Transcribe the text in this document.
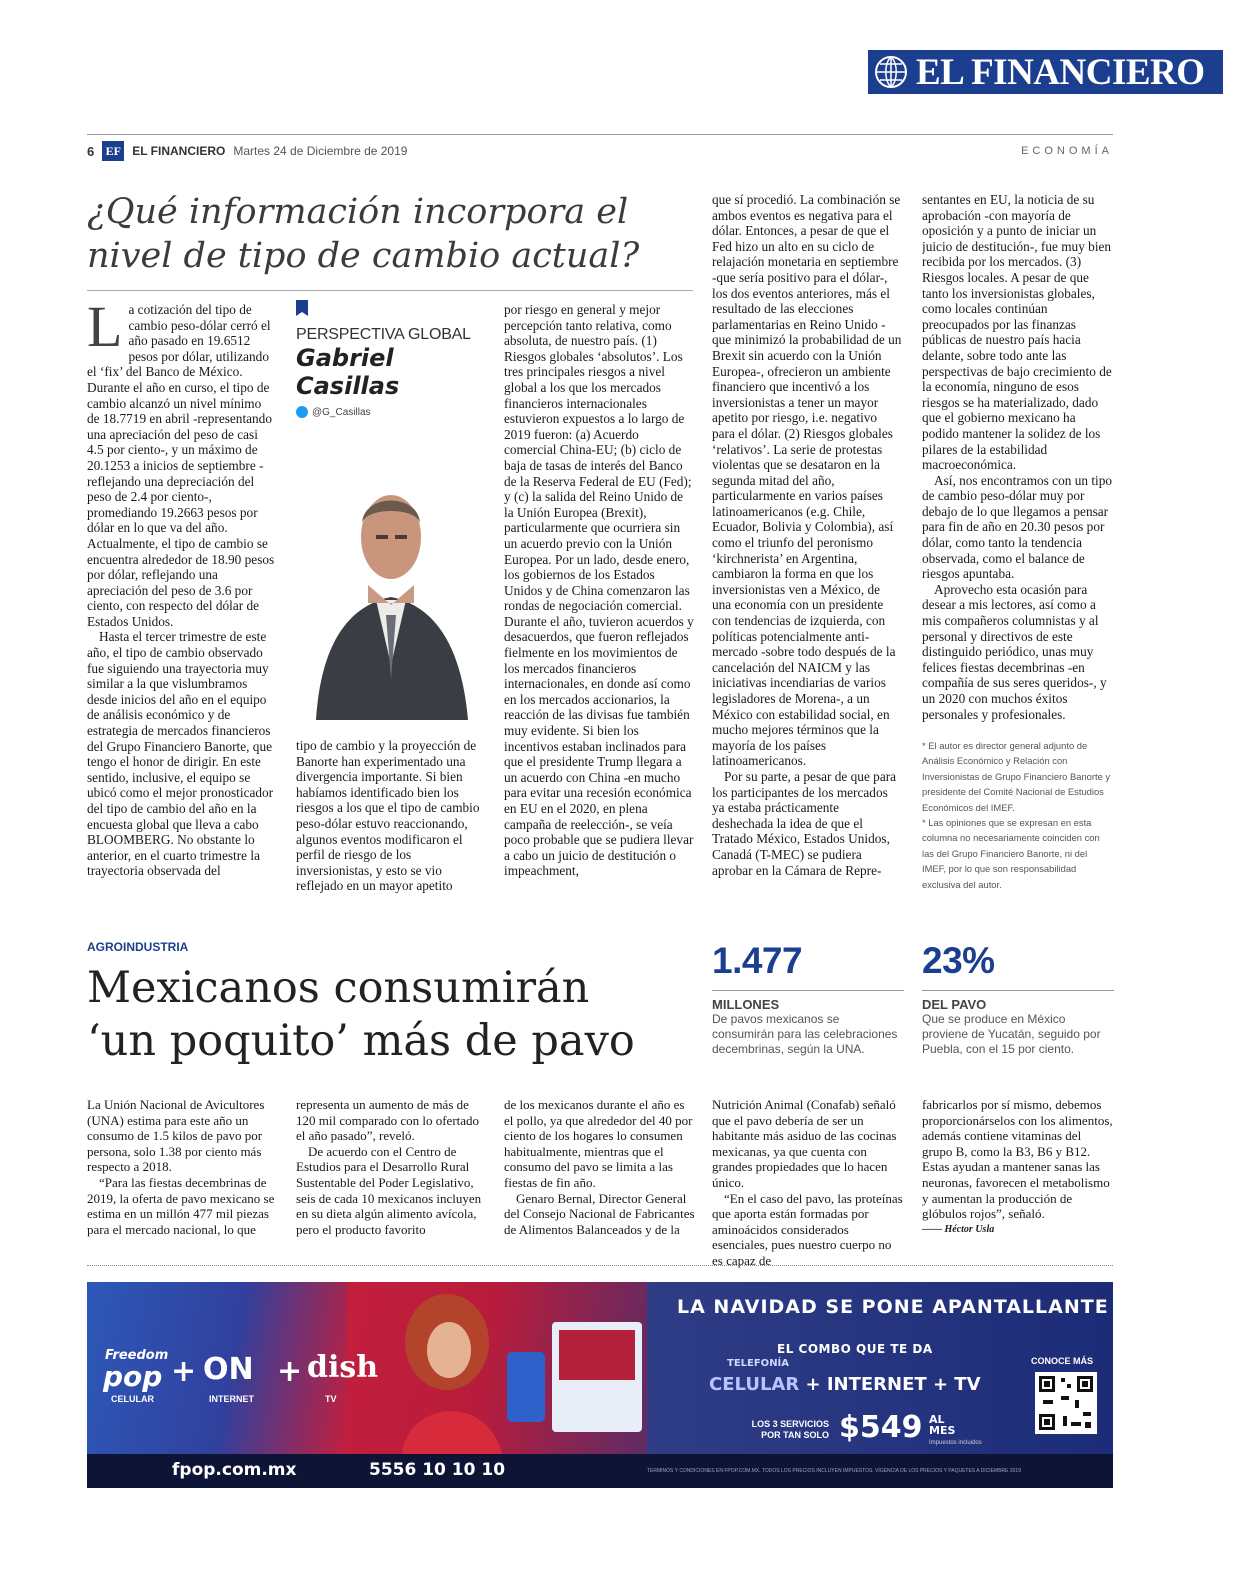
EL FINANCIERO
6 EF EL FINANCIERO Martes 24 de Diciembre de 2019	ECONOMÍA
¿Qué información incorpora el nivel de tipo de cambio actual?

La cotización del tipo de cambio peso-dólar cerró el año pasado en 19.6512 pesos por dólar, utilizando el ‘fix’ del Banco de México. Durante el año en curso, el tipo de cambio alcanzó un nivel mínimo de 18.7719 en abril -representando una apreciación del peso de casi 4.5 por ciento-, y un máximo de 20.1253 a inicios de septiembre -reflejando una depreciación del peso de 2.4 por ciento-, promediando 19.2663 pesos por dólar en lo que va del año. Actualmente, el tipo de cambio se encuentra alrededor de 18.90 pesos por dólar, reflejando una apreciación del peso de 3.6 por ciento, con respecto del dólar de Estados Unidos.

Hasta el tercer trimestre de este año, el tipo de cambio observado fue siguiendo una trayectoria muy similar a la que vislumbramos desde inicios del año en el equipo de análisis económico y de estrategia de mercados financieros del Grupo Financiero Banorte, que tengo el honor de dirigir. En este sentido, inclusive, el equipo se ubicó como el mejor pronosticador del tipo de cambio del año en la encuesta global que lleva a cabo BLOOMBERG. No obstante lo anterior, en el cuarto trimestre la trayectoria observada del

PERSPECTIVA GLOBAL
Gabriel
Casillas
@G_Casillas

tipo de cambio y la proyección de Banorte han experimentado una divergencia importante. Si bien habíamos identificado bien los riesgos a los que el tipo de cambio peso-dólar estuvo reaccionando, algunos eventos modificaron el perfil de riesgo de los inversionistas, y esto se vio reflejado en un mayor apetito

por riesgo en general y mejor percepción tanto relativa, como absoluta, de nuestro país. (1) Riesgos globales ‘absolutos’. Los tres principales riesgos a nivel global a los que los mercados financieros internacionales estuvieron expuestos a lo largo de 2019 fueron: (a) Acuerdo comercial China-EU; (b) ciclo de baja de tasas de interés del Banco de la Reserva Federal de EU (Fed); y (c) la salida del Reino Unido de la Unión Europea (Brexit), particularmente que ocurriera sin un acuerdo previo con la Unión Europea. Por un lado, desde enero, los gobiernos de los Estados Unidos y de China comenzaron las rondas de negociación comercial. Durante el año, tuvieron acuerdos y desacuerdos, que fueron reflejados fielmente en los movimientos de los mercados financieros internacionales, en donde así como en los mercados accionarios, la reacción de las divisas fue también muy evidente. Si bien los incentivos estaban inclinados para que el presidente Trump llegara a un acuerdo con China -en mucho para evitar una recesión económica en EU en el 2020, en plena campaña de reelección-, se veía poco probable que se pudiera llevar a cabo un juicio de destitución o impeachment,

que sí procedió. La combinación se ambos eventos es negativa para el dólar. Entonces, a pesar de que el Fed hizo un alto en su ciclo de relajación monetaria en septiembre -que sería positivo para el dólar-, los dos eventos anteriores, más el resultado de las elecciones parlamentarias en Reino Unido -que minimizó la probabilidad de un Brexit sin acuerdo con la Unión Europea-, ofrecieron un ambiente financiero que incentivó a los inversionistas a tener un mayor apetito por riesgo, i.e. negativo para el dólar. (2) Riesgos globales ‘relativos’. La serie de protestas violentas que se desataron en la segunda mitad del año, particularmente en varios países latinoamericanos (e.g. Chile, Ecuador, Bolivia y Colombia), así como el triunfo del peronismo ‘kirchnerista’ en Argentina, cambiaron la forma en que los inversionistas ven a México, de una economía con un presidente con tendencias de izquierda, con políticas potencialmente anti-mercado -sobre todo después de la cancelación del NAICM y las iniciativas incendiarias de varios legisladores de Morena-, a un México con estabilidad social, en mucho mejores términos que la mayoría de los países latinoamericanos.

Por su parte, a pesar de que para los participantes de los mercados ya estaba prácticamente deshechada la idea de que el Tratado México, Estados Unidos, Canadá (T-MEC) se pudiera aprobar en la Cámara de Repre-

sentantes en EU, la noticia de su aprobación -con mayoría de oposición y a punto de iniciar un juicio de destitución-, fue muy bien recibida por los mercados. (3) Riesgos locales. A pesar de que tanto los inversionistas globales, como locales continúan preocupados por las finanzas públicas de nuestro país hacia delante, sobre todo ante las perspectivas de bajo crecimiento de la economía, ninguno de esos riesgos se ha materializado, dado que el gobierno mexicano ha podido mantener la solidez de los pilares de la estabilidad macroeconómica.

Así, nos encontramos con un tipo de cambio peso-dólar muy por debajo de lo que llegamos a pensar para fin de año en 20.30 pesos por dólar, como tanto la tendencia observada, como el balance de riesgos apuntaba.

Aprovecho esta ocasión para desear a mis lectores, así como a mis compañeros columnistas y al personal y directivos de este distinguido periódico, unas muy felices fiestas decembrinas -en compañía de sus seres queridos-, y un 2020 con muchos éxitos personales y profesionales.

* El autor es director general adjunto de Análisis Económico y Relación con Inversionistas de Grupo Financiero Banorte y presidente del Comité Nacional de Estudios Económicos del IMEF.

* Las opiniones que se expresan en esta columna no necesariamente coinciden con las del Grupo Financiero Banorte, ni del IMEF, por lo que son responsabilidad exclusiva del autor.

AGROINDUSTRIA
Mexicanos consumirán
‘un poquito’ más de pavo
1.477
MILLONES
De pavos mexicanos se consumirán para las celebraciones decembrinas, según la UNA.
23%
DEL PAVO
Que se produce en México proviene de Yucatán, seguido por Puebla, con el 15 por ciento.

La Unión Nacional de Avicultores (UNA) estima para este año un consumo de 1.5 kilos de pavo por persona, solo 1.38 por ciento más respecto a 2018.

“Para las fiestas decembrinas de 2019, la oferta de pavo mexicano se estima en un millón 477 mil piezas para el mercado nacional, lo que

representa un aumento de más de 120 mil comparado con lo ofertado el año pasado”, reveló.

De acuerdo con el Centro de Estudios para el Desarrollo Rural Sustentable del Poder Legislativo, seis de cada 10 mexicanos incluyen en su dieta algún alimento avícola, pero el producto favorito

de los mexicanos durante el año es el pollo, ya que alrededor del 40 por ciento de los hogares lo consumen habitualmente, mientras que el consumo del pavo se limita a las fiestas de fin año.

Genaro Bernal, Director General del Consejo Nacional de Fabricantes de Alimentos Balanceados y de la

Nutrición Animal (Conafab) señaló que el pavo debería de ser un habitante más asiduo de las cocinas mexicanas, ya que cuenta con grandes propiedades que lo hacen único.

“En el caso del pavo, las proteínas que aporta están formadas por aminoácidos considerados esenciales, pues nuestro cuerpo no es capaz de

fabricarlos por sí mismo, debemos proporcionárselos con los alimentos, además contiene vitaminas del grupo B, como la B3, B6 y B12. Estas ayudan a mantener sanas las neuronas, favorecen el metabolismo y aumentan la producción de glóbulos rojos”, señaló.

—— Héctor Usla
Freedom
pop
CELULAR
+ ON
INTERNET
+ dish
TV
LA NAVIDAD SE PONE APANTALLANTE
EL COMBO QUE TE DA
TELEFONÍA
CELULAR + INTERNET + TV
LOS 3 SERVICIOS POR TAN SOLO $549 AL
MES
Impuestos incluidos
CONOCE MÁS
fpop.com.mx	5556 10 10 10	TÉRMINOS Y CONDICIONES EN FPOP.COM.MX. TODOS LOS PRECIOS INCLUYEN IMPUESTOS. VIGENCIA DE LOS PRECIOS Y PAQUETES A DICIEMBRE 2019
